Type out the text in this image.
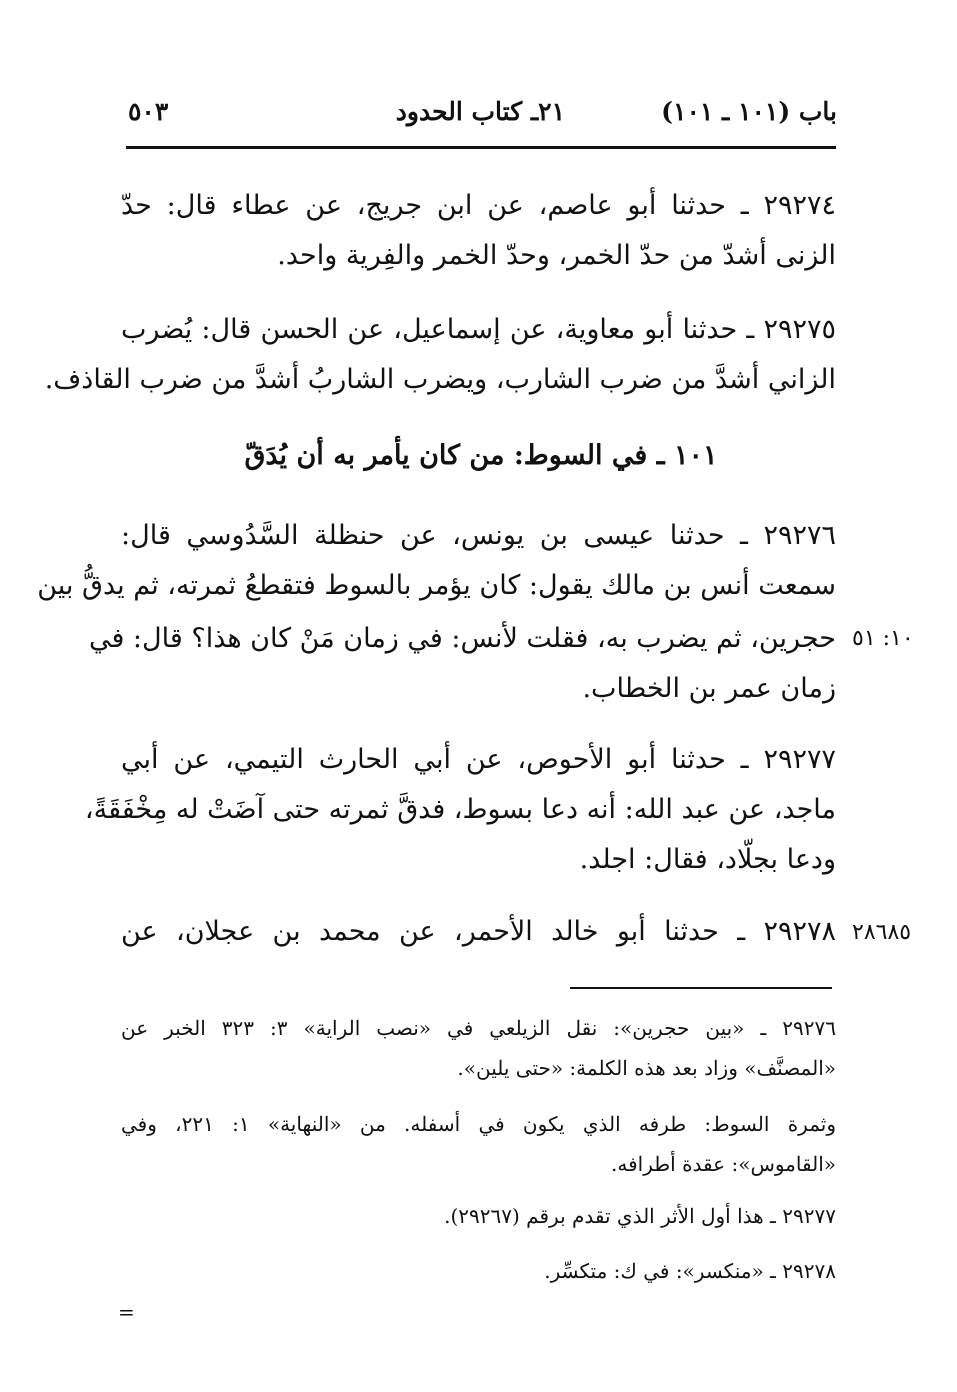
باب (١٠١ ـ ١٠١)
٢١ـ كتاب الحدود
٥٠٣
٢٩٢٧٤ ـ حدثنا أبو عاصم، عن ابن جريج، عن عطاء قال: حدّ
الزنى أشدّ من حدّ الخمر، وحدّ الخمر والفِرية واحد.
٢٩٢٧٥ ـ حدثنا أبو معاوية، عن إسماعيل، عن الحسن قال: يُضرب
الزاني أشدَّ من ضرب الشارب، ويضرب الشاربُ أشدَّ من ضرب القاذف.
١٠١ ـ في السوط: من كان يأمر به أن يُدَقّ
٢٩٢٧٦ ـ حدثنا عيسى بن يونس، عن حنظلة السَّدُوسي قال:
سمعت أنس بن مالك يقول: كان يؤمر بالسوط فتقطعُ ثمرته، ثم يدقُّ بين
حجرين، ثم يضرب به، فقلت لأنس: في زمان مَنْ كان هذا؟ قال: في
زمان عمر بن الخطاب.
١٠: ٥١
٢٩٢٧٧ ـ حدثنا أبو الأحوص، عن أبي الحارث التيمي، عن أبي
ماجد، عن عبد الله: أنه دعا بسوط، فدقَّ ثمرته حتى آضَتْ له مِخْفَقَةً،
ودعا بجلّاد، فقال: اجلد.
٢٩٢٧٨ ـ حدثنا أبو خالد الأحمر، عن محمد بن عجلان، عن ٢٨٦٨٥
٢٩٢٧٦ ـ «بين حجرين»: نقل الزيلعي في «نصب الراية» ٣: ٣٢٣ الخبر عن
«المصنَّف» وزاد بعد هذه الكلمة: «حتى يلين».
وثمرة السوط: طرفه الذي يكون في أسفله. من «النهاية» ١: ٢٢١، وفي
«القاموس»: عقدة أطرافه.
٢٩٢٧٧ ـ هذا أول الأثر الذي تقدم برقم (٢٩٢٦٧).
٢٩٢٧٨ ـ «منكسر»: في ك: متكسِّر.
=
